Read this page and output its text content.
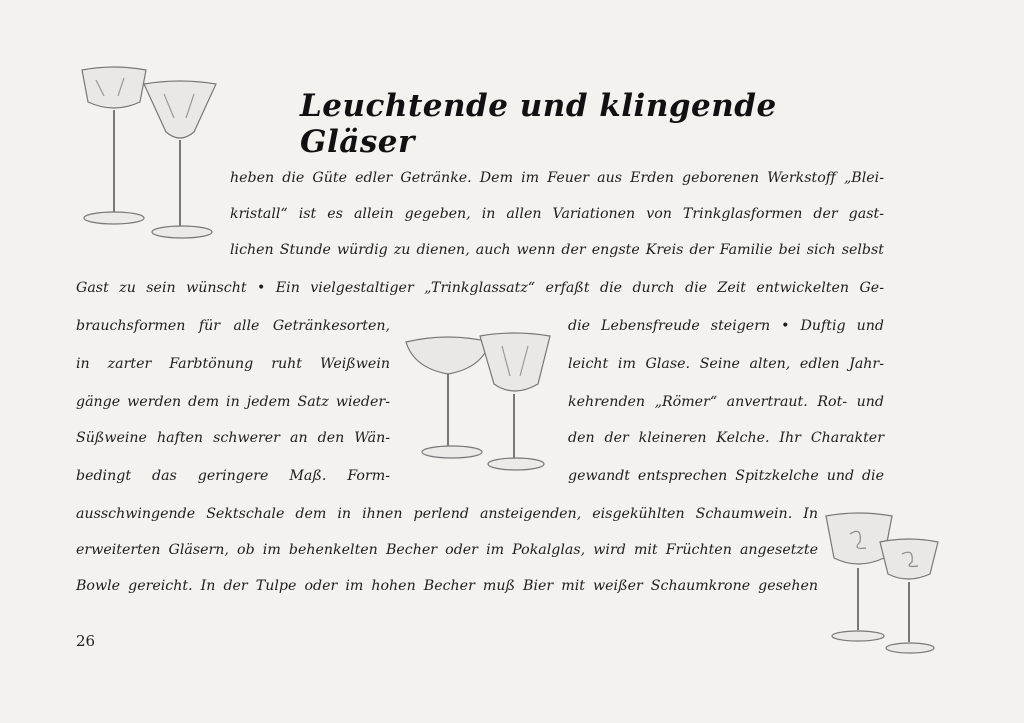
Leuchtende und klingende Gläser
heben die Güte edler Getränke. Dem im Feuer aus Erden geborenen Werkstoff „Blei-
kristall“ ist es allein gegeben, in allen Variationen von Trinkglasformen der gast-
lichen Stunde würdig zu dienen, auch wenn der engste Kreis der Familie bei sich selbst
Gast zu sein wünscht • Ein vielgestaltiger „Trinkglassatz“ erfaßt die durch die Zeit entwickelten Ge-
brauchsformen für alle Getränkesorten,
in zarter Farbtönung ruht Weißwein
gänge werden dem in jedem Satz wieder-
Süßweine haften schwerer an den Wän-
bedingt das geringere Maß. Form-
die Lebensfreude steigern • Duftig und
leicht im Glase. Seine alten, edlen Jahr-
kehrenden „Römer“ anvertraut. Rot- und
den der kleineren Kelche. Ihr Charakter
gewandt entsprechen Spitzkelche und die
ausschwingende Sektschale dem in ihnen perlend ansteigenden, eisgekühlten Schaumwein. In
erweiterten Gläsern, ob im behenkelten Becher oder im Pokalglas, wird mit Früchten angesetzte
Bowle gereicht. In der Tulpe oder im hohen Becher muß Bier mit weißer Schaumkrone gesehen
26
